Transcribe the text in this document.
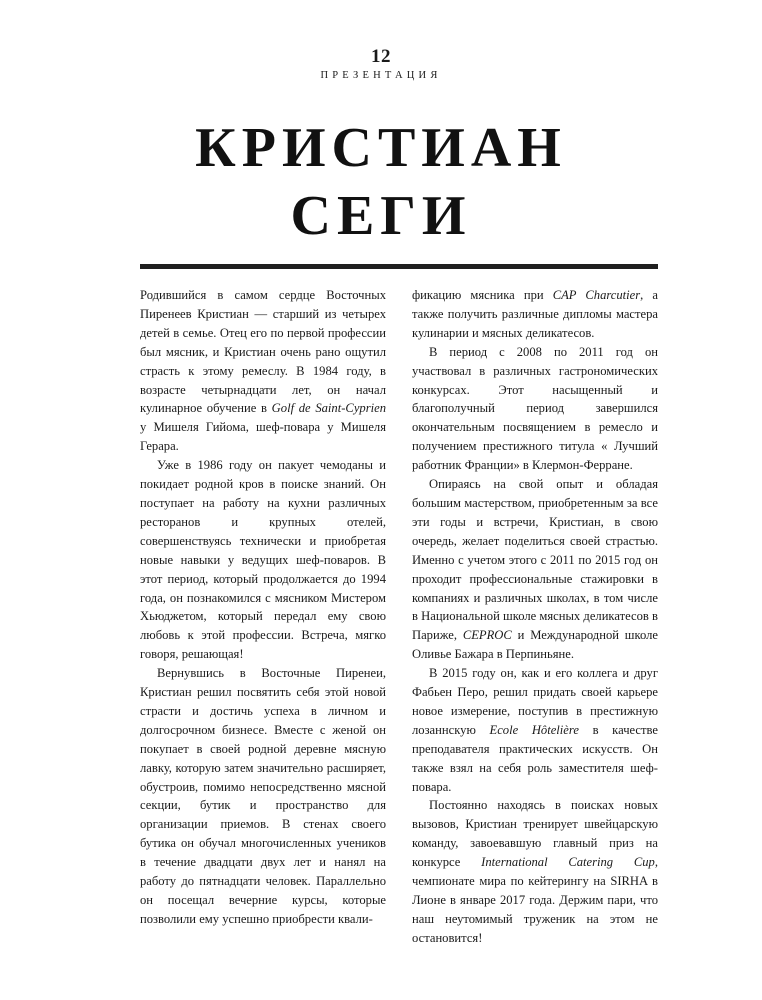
12
ПРЕЗЕНТАЦИЯ
КРИСТИАН
СЕГИ

Родившийся в самом сердце Восточных Пиренеев Кристиан — старший из четырех детей в семье. Отец его по первой профессии был мясник, и Кристиан очень рано ощутил страсть к этому ремеслу. В 1984 году, в возрасте четырнадцати лет, он начал кулинарное обучение в Golf de Saint-Cyprien у Мишеля Гийома, шеф-повара у Мишеля Герара.

Уже в 1986 году он пакует чемоданы и покидает родной кров в поиске знаний. Он поступает на работу на кухни различных ресторанов и крупных отелей, совершенствуясь технически и приобретая новые навыки у ведущих шеф-поваров. В этот период, который продолжается до 1994 года, он познакомился с мясником Мистером Хьюджетом, который передал ему свою любовь к этой профессии. Встреча, мягко говоря, решающая!

Вернувшись в Восточные Пиренеи, Кристиан решил посвятить себя этой новой страсти и достичь успеха в личном и долгосрочном бизнесе. Вместе с женой он покупает в своей родной деревне мясную лавку, которую затем значительно расширяет, обустроив, помимо непосредственно мясной секции, бутик и пространство для организации приемов. В стенах своего бутика он обучал многочисленных учеников в течение двадцати двух лет и нанял на работу до пятнадцати человек. Параллельно он посещал вечерние курсы, которые позволили ему успешно приобрести квали-

фикацию мясника при CAP Charcutier, а также получить различные дипломы мастера кулинарии и мясных деликатесов.

В период с 2008 по 2011 год он участвовал в различных гастрономических конкурсах. Этот насыщенный и благополучный период завершился окончательным посвящением в ремесло и получением престижного титула « Лучший работник Франции» в Клермон-Ферране.

Опираясь на свой опыт и обладая большим мастерством, приобретенным за все эти годы и встречи, Кристиан, в свою очередь, желает поделиться своей страстью. Именно с учетом этого с 2011 по 2015 год он проходит профессиональные стажировки в компаниях и различных школах, в том числе в Национальной школе мясных деликатесов в Париже, CEPROC и Международной школе Оливье Бажара в Перпиньяне.

В 2015 году он, как и его коллега и друг Фабьен Перо, решил придать своей карьере новое измерение, поступив в престижную лозаннскую Ecole Hôtelière в качестве преподавателя практических искусств. Он также взял на себя роль заместителя шеф-повара.

Постоянно находясь в поисках новых вызовов, Кристиан тренирует швейцарскую команду, завоевавшую главный приз на конкурсе International Catering Cup, чемпионате мира по кейтерингу на SIRHA в Лионе в январе 2017 года. Держим пари, что наш неутомимый труженик на этом не остановится!
